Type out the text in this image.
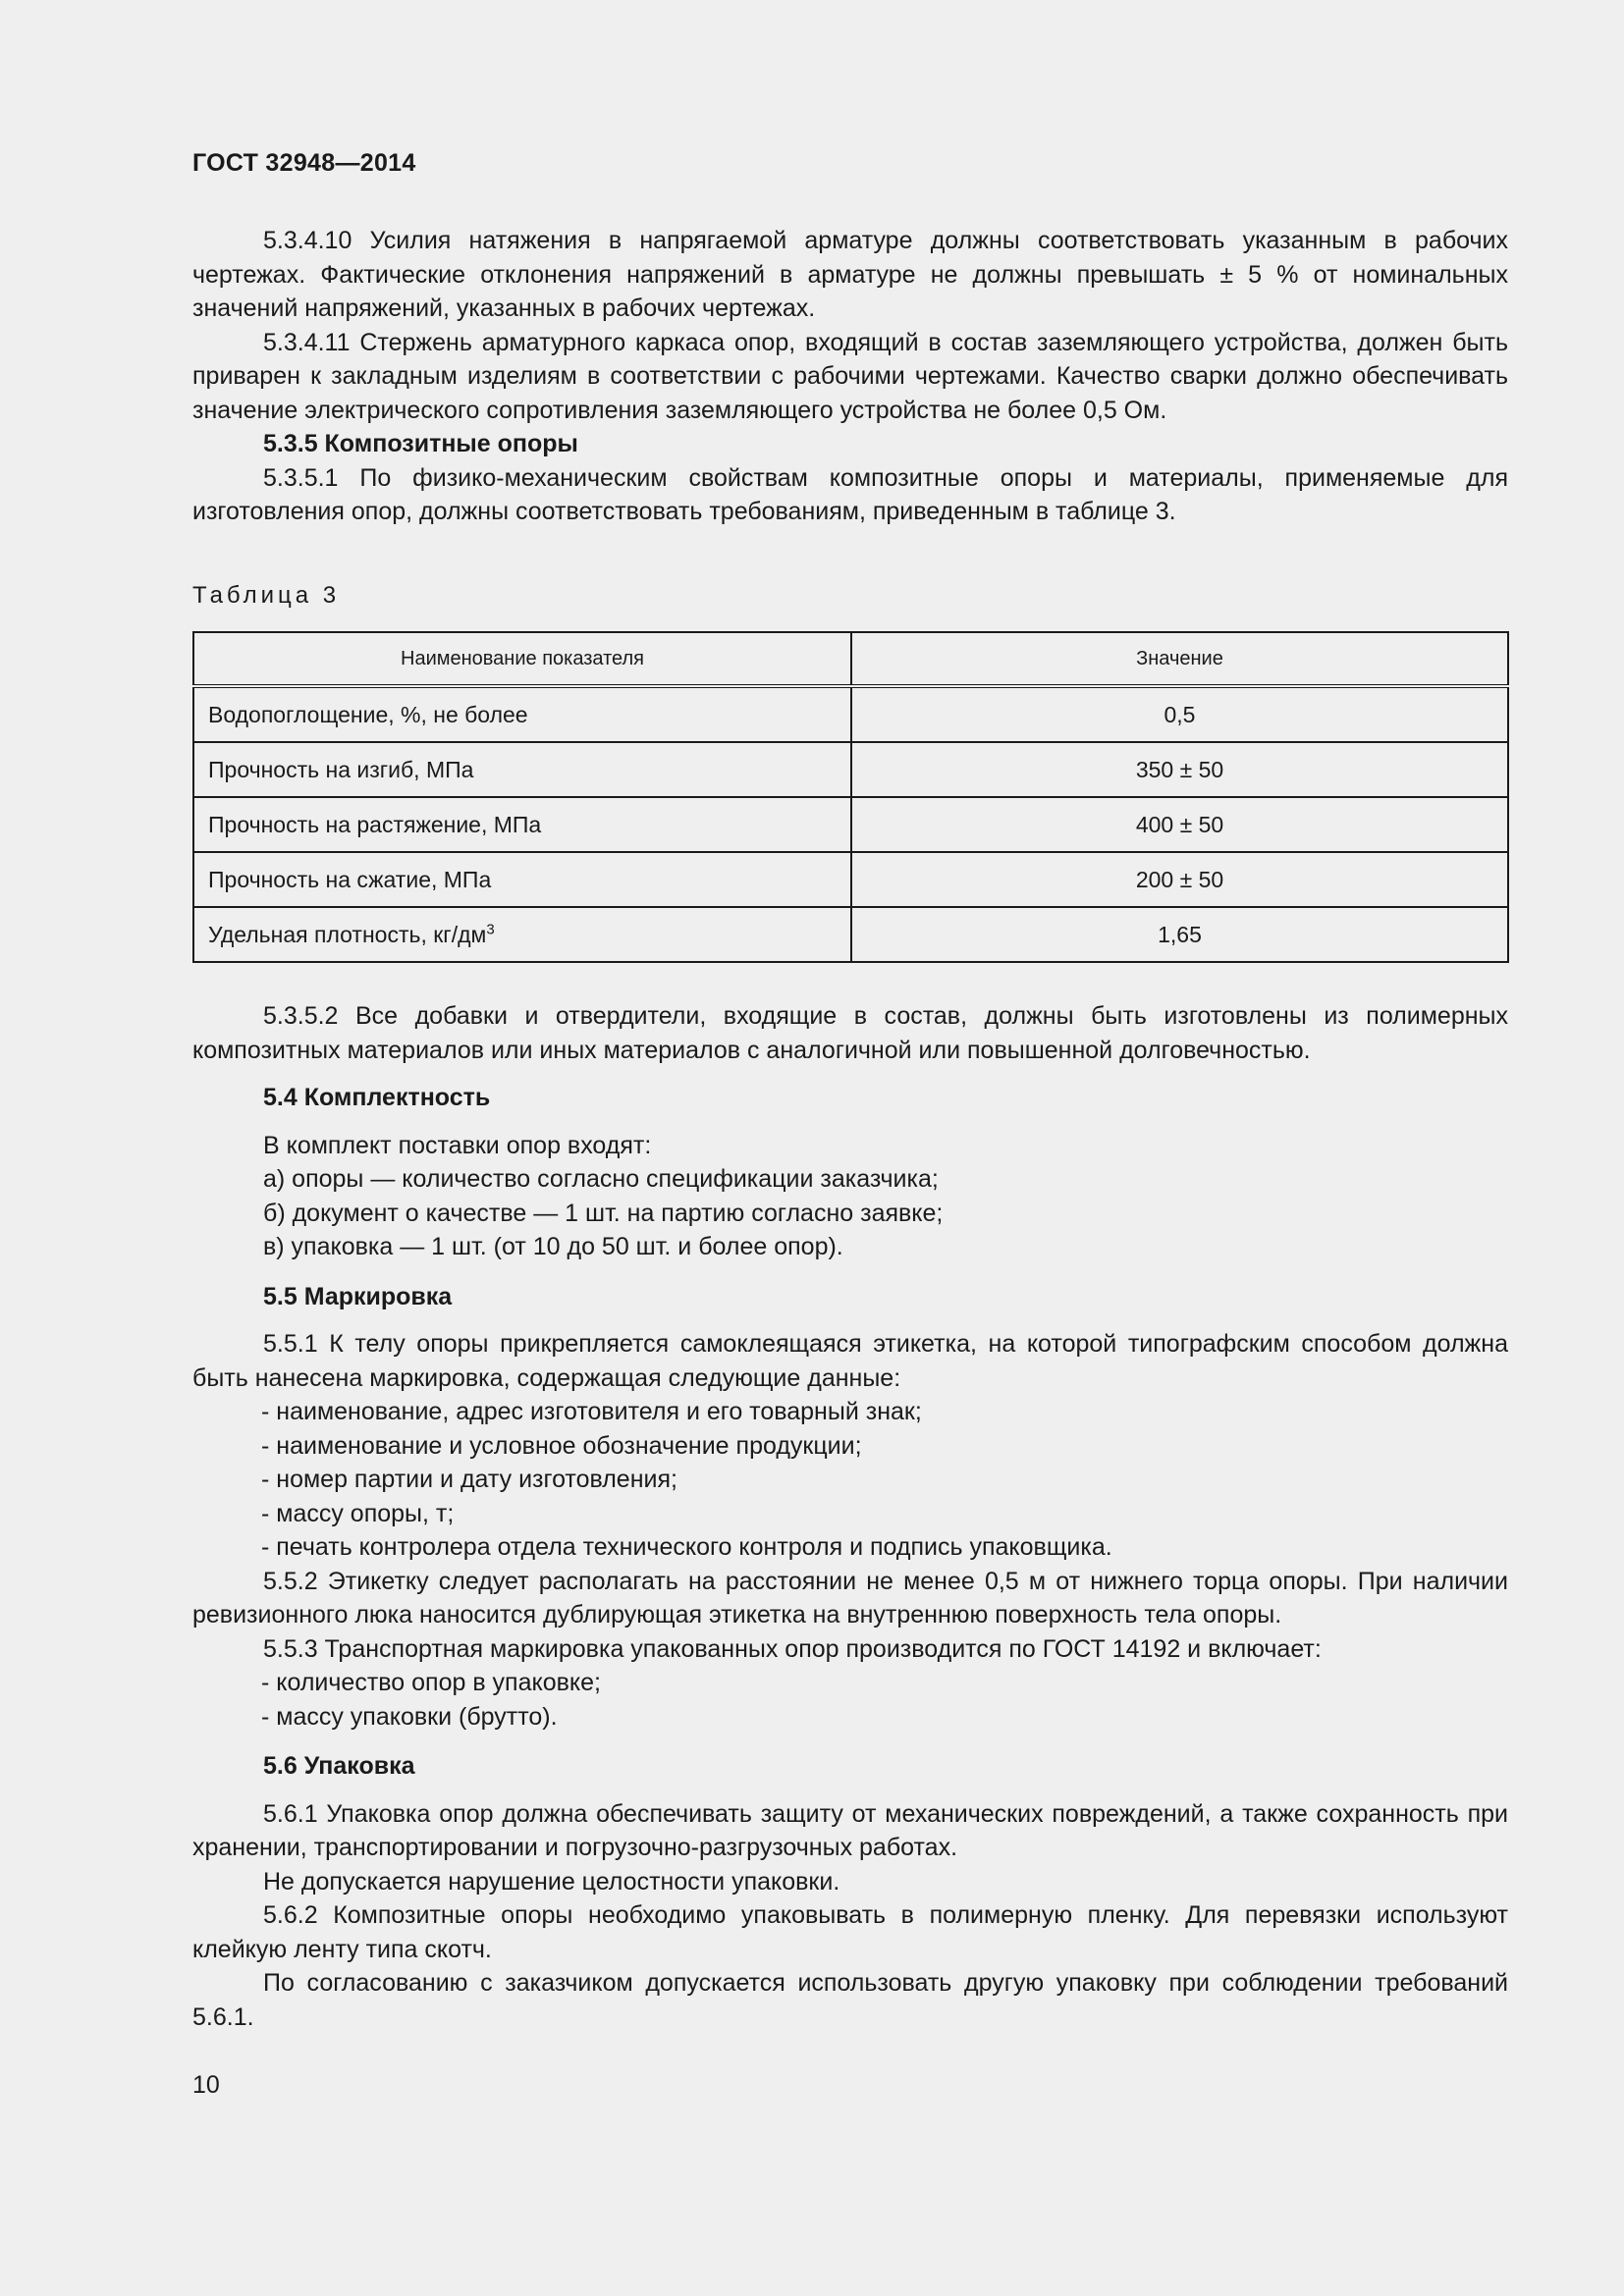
ГОСТ 32948—2014

5.3.4.10 Усилия натяжения в напрягаемой арматуре должны соответствовать указанным в рабочих чертежах. Фактические отклонения напряжений в арматуре не должны превышать ± 5 % от номинальных значений напряжений, указанных в рабочих чертежах.

5.3.4.11 Стержень арматурного каркаса опор, входящий в состав заземляющего устройства, должен быть приварен к закладным изделиям в соответствии с рабочими чертежами. Качество сварки должно обеспечивать значение электрического сопротивления заземляющего устройства не более 0,5 Ом.

5.3.5 Композитные опоры

5.3.5.1 По физико-механическим свойствам композитные опоры и материалы, применяемые для изготовления опор, должны соответствовать требованиям, приведенным в таблице 3.

Таблица 3
Наименование показателя	Значение
Водопоглощение, %, не более	0,5
Прочность на изгиб, МПа	350 ± 50
Прочность на растяжение, МПа	400 ± 50
Прочность на сжатие, МПа	200 ± 50
Удельная плотность, $кг/дм^3$	1,65

5.3.5.2 Все добавки и отвердители, входящие в состав, должны быть изготовлены из полимерных композитных материалов или иных материалов с аналогичной или повышенной долговечностью.

5.4 Комплектность

В комплект поставки опор входят:

а) опоры — количество согласно спецификации заказчика;

б) документ о качестве — 1 шт. на партию согласно заявке;

в) упаковка — 1 шт. (от 10 до 50 шт. и более опор).

5.5 Маркировка

5.5.1 К телу опоры прикрепляется самоклеящаяся этикетка, на которой типографским способом должна быть нанесена маркировка, содержащая следующие данные:

- наименование, адрес изготовителя и его товарный знак;

- наименование и условное обозначение продукции;

- номер партии и дату изготовления;

- массу опоры, т;

- печать контролера отдела технического контроля и подпись упаковщика.

5.5.2 Этикетку следует располагать на расстоянии не менее 0,5 м от нижнего торца опоры. При наличии ревизионного люка наносится дублирующая этикетка на внутреннюю поверхность тела опоры.

5.5.3 Транспортная маркировка упакованных опор производится по ГОСТ 14192 и включает:

- количество опор в упаковке;

- массу упаковки (брутто).

5.6 Упаковка

5.6.1 Упаковка опор должна обеспечивать защиту от механических повреждений, а также сохранность при хранении, транспортировании и погрузочно-разгрузочных работах.

Не допускается нарушение целостности упаковки.

5.6.2 Композитные опоры необходимо упаковывать в полимерную пленку. Для перевязки используют клейкую ленту типа скотч.

По согласованию с заказчиком допускается использовать другую упаковку при соблюдении требований 5.6.1.

10
